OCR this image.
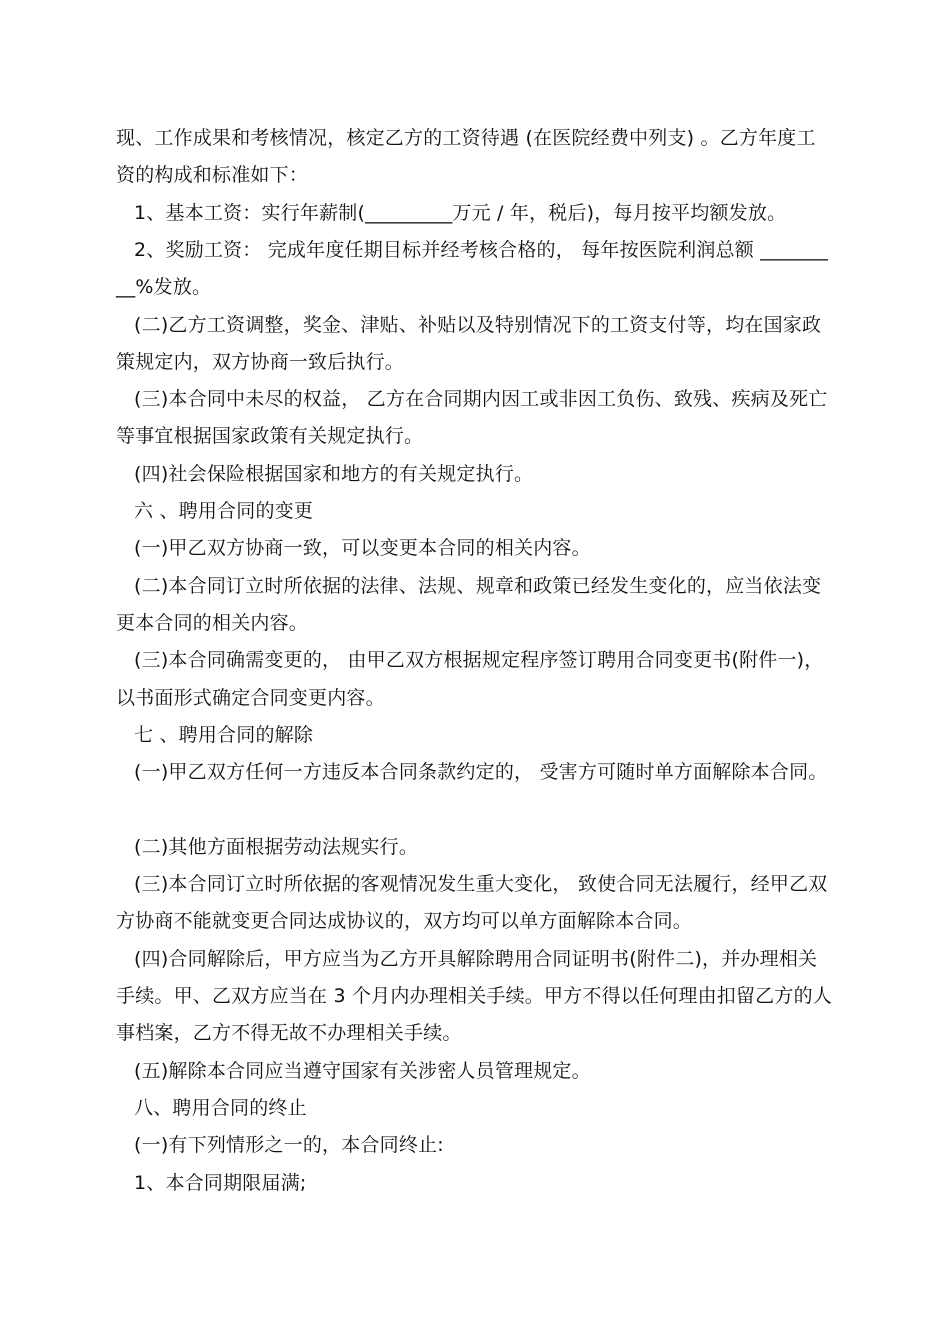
现、工作成果和考核情况，核定乙方的工资待遇 (在医院经费中列支) 。乙方年度工
资的构成和标准如下：
1、基本工资：实行年薪制(_________万元 / 年，税后)，每月按平均额发放。
2、奖励工资： 完成年度任期目标并经考核合格的， 每年按医院利润总额 _______
__%发放。
(二)乙方工资调整，奖金、津贴、补贴以及特别情况下的工资支付等，均在国家政
策规定内，双方协商一致后执行。
(三)本合同中未尽的权益， 乙方在合同期内因工或非因工负伤、致残、疾病及死亡
等事宜根据国家政策有关规定执行。
(四)社会保险根据国家和地方的有关规定执行。
六 、聘用合同的变更
(一)甲乙双方协商一致，可以变更本合同的相关内容。
(二)本合同订立时所依据的法律、法规、规章和政策已经发生变化的，应当依法变
更本合同的相关内容。
(三)本合同确需变更的， 由甲乙双方根据规定程序签订聘用合同变更书(附件一)，
以书面形式确定合同变更内容。
七 、聘用合同的解除
(一)甲乙双方任何一方违反本合同条款约定的， 受害方可随时单方面解除本合同。
(二)其他方面根据劳动法规实行。
(三)本合同订立时所依据的客观情况发生重大变化， 致使合同无法履行，经甲乙双
方协商不能就变更合同达成协议的，双方均可以单方面解除本合同。
(四)合同解除后，甲方应当为乙方开具解除聘用合同证明书(附件二)，并办理相关
手续。甲、乙双方应当在 3 个月内办理相关手续。甲方不得以任何理由扣留乙方的人
事档案，乙方不得无故不办理相关手续。
(五)解除本合同应当遵守国家有关涉密人员管理规定。
八、聘用合同的终止
(一)有下列情形之一的，本合同终止:
1、本合同期限届满;
